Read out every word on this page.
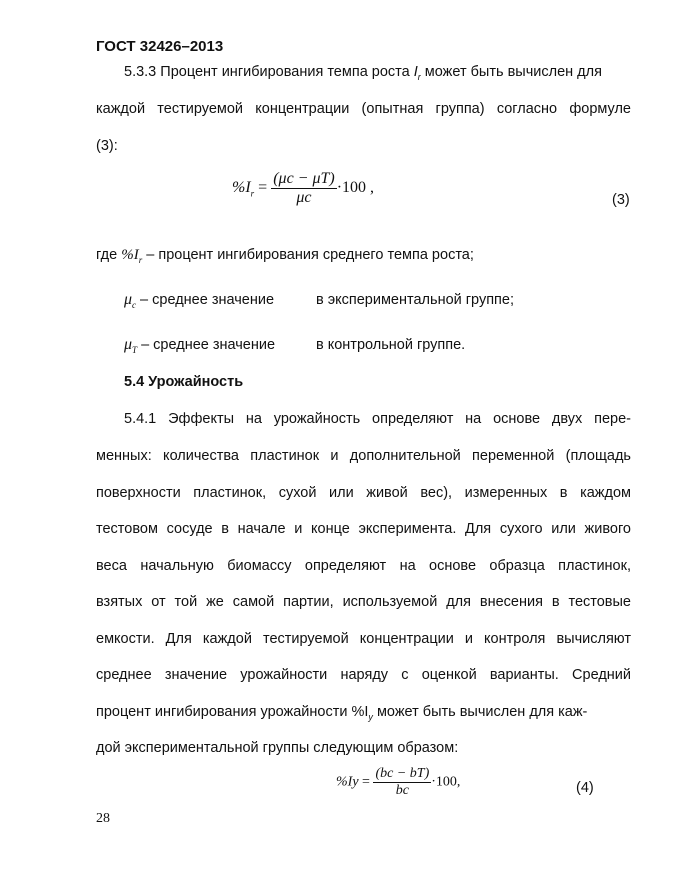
ГОСТ 32426–2013
5.3.3 Процент ингибирования темпа роста $I_r$ может быть вычислен для
каждой тестируемой концентрации (опытная группа) согласно формуле
(3):
$\%I_r = \frac{(\mu c - \mu T)}{\mu c} \cdot 100$ ,
(3)
где $\%I_r$ – процент ингибирования среднего темпа роста;
$\mu_c$ – среднее значение	в экспериментальной группе;
$\mu_T$ – среднее значение	в контрольной группе.
5.4 Урожайность
5.4.1 Эффекты на урожайность определяют на основе двух пере-
менных: количества пластинок и дополнительной переменной (площадь
поверхности пластинок, сухой или живой вес), измеренных в каждом
тестовом сосуде в начале и конце эксперимента. Для сухого или живого
веса начальную биомассу определяют на основе образца пластинок,
взятых от той же самой партии, используемой для внесения в тестовые
емкости. Для каждой тестируемой концентрации и контроля вычисляют
среднее значение урожайности наряду с оценкой варианты. Средний
процент ингибирования урожайности $\%I_y$ может быть вычислен для каж-
дой экспериментальной группы следующим образом:
$\%Iy = \frac{(bc - bT)}{bc} \cdot 100$,	(4)
28
